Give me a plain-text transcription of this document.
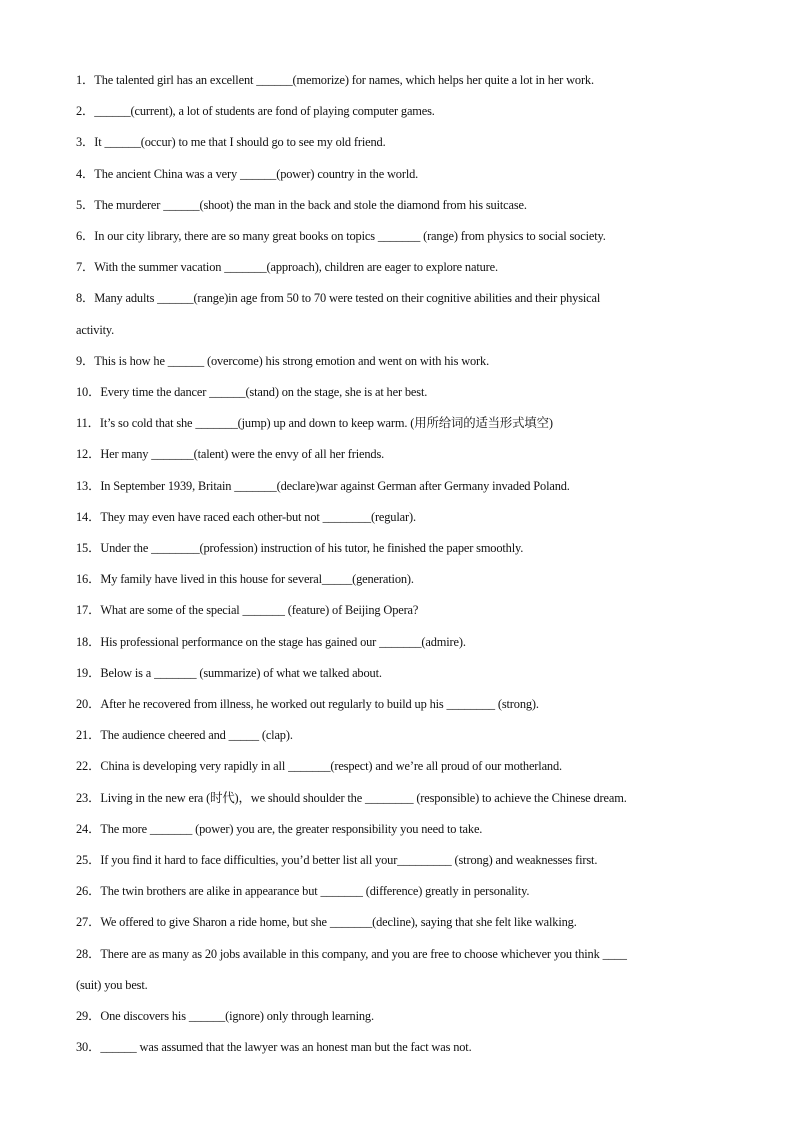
1．The talented girl has an excellent ______(memorize) for names, which helps her quite a lot in her work.
2．______(current), a lot of students are fond of playing computer games.
3．It ______(occur) to me that I should go to see my old friend.
4．The ancient China was a very ______(power) country in the world.
5．The murderer ______(shoot) the man in the back and stole the diamond from his suitcase.
6．In our city library, there are so many great books on topics _______ (range) from physics to social society.
7．With the summer vacation _______(approach), children are eager to explore nature.
8．Many adults ______(range)in age from 50 to 70 were tested on their cognitive abilities and their physical
activity.
9．This is how he ______ (overcome) his strong emotion and went on with his work.
10．Every time the dancer ______(stand) on the stage, she is at her best.
11．It’s so cold that she _______(jump) up and down to keep warm. (用所给词的适当形式填空)
12．Her many _______(talent) were the envy of all her friends.
13．In September 1939, Britain _______(declare)war against German after Germany invaded Poland.
14．They may even have raced each other-but not ________(regular).
15．Under the ________(profession) instruction of his tutor, he finished the paper smoothly.
16．My family have lived in this house for several_____(generation).
17．What are some of the special _______ (feature) of Beijing Opera?
18．His professional performance on the stage has gained our _______(admire).
19．Below is a _______ (summarize) of what we talked about.
20．After he recovered from illness, he worked out regularly to build up his ________ (strong).
21．The audience cheered and _____ (clap).
22．China is developing very rapidly in all _______(respect) and we’re all proud of our motherland.
23．Living in the new era (时代)，we should shoulder the ________ (responsible) to achieve the Chinese dream.
24．The more _______ (power) you are, the greater responsibility you need to take.
25．If you find it hard to face difficulties, you’d better list all your_________ (strong) and weaknesses first.
26．The twin brothers are alike in appearance but _______ (difference) greatly in personality.
27．We offered to give Sharon a ride home, but she _______(decline), saying that she felt like walking.
28．There are as many as 20 jobs available in this company, and you are free to choose whichever you think ____
(suit) you best.
29．One discovers his ______(ignore) only through learning.
30．______ was assumed that the lawyer was an honest man but the fact was not.
